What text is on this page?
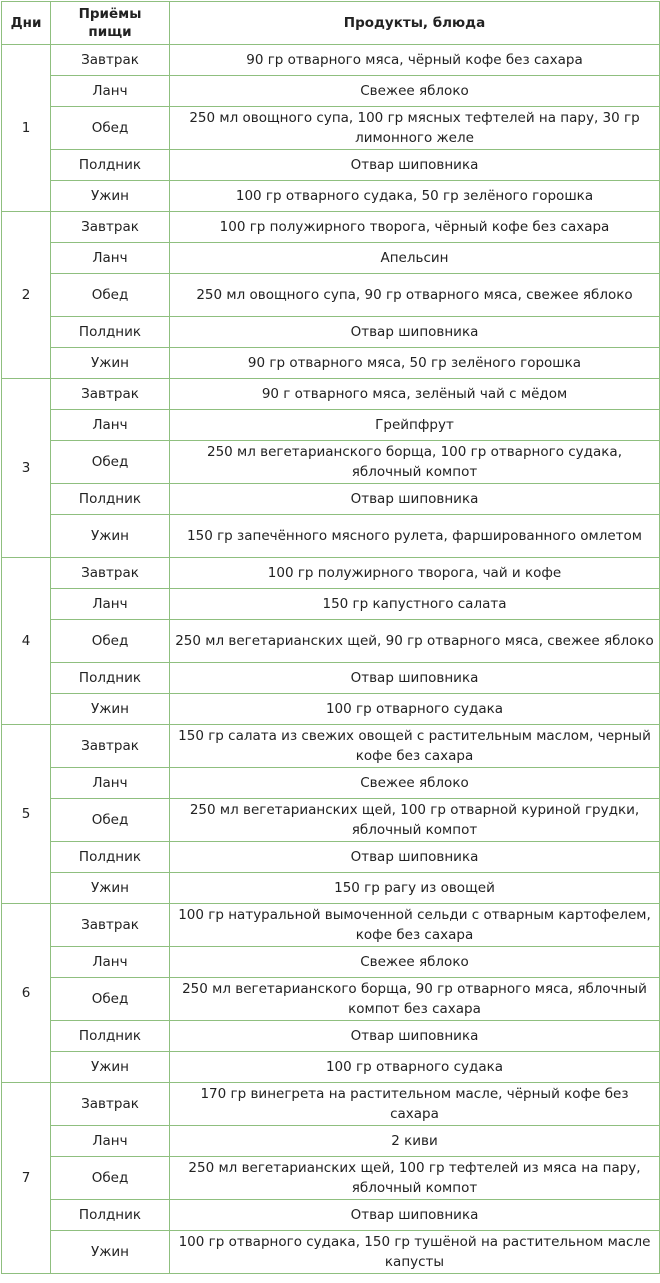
Дни	Приёмы пищи	Продукты, блюда
1	Завтрак	90 гр отварного мяса, чёрный кофе без сахара
	Ланч	Свежее яблоко
	Обед	250 мл овощного супа, 100 гр мясных тефтелей на пару, 30 гр лимонного желе
	Полдник	Отвар шиповника
	Ужин	100 гр отварного судака, 50 гр зелёного горошка
2	Завтрак	100 гр полужирного творога, чёрный кофе без сахара
	Ланч	Апельсин
	Обед	250 мл овощного супа, 90 гр отварного мяса, свежее яблоко
	Полдник	Отвар шиповника
	Ужин	90 гр отварного мяса, 50 гр зелёного горошка
3	Завтрак	90 г отварного мяса, зелёный чай с мёдом
	Ланч	Грейпфрут
	Обед	250 мл вегетарианского борща, 100 гр отварного судака, яблочный компот
	Полдник	Отвар шиповника
	Ужин	150 гр запечённого мясного рулета, фаршированного омлетом
4	Завтрак	100 гр полужирного творога, чай и кофе
	Ланч	150 гр капустного салата
	Обед	250 мл вегетарианских щей, 90 гр отварного мяса, свежее яблоко
	Полдник	Отвар шиповника
	Ужин	100 гр отварного судака
5	Завтрак	150 гр салата из свежих овощей с растительным маслом, черный кофе без сахара
	Ланч	Свежее яблоко
	Обед	250 мл вегетарианских щей, 100 гр отварной куриной грудки, яблочный компот
	Полдник	Отвар шиповника
	Ужин	150 гр рагу из овощей
6	Завтрак	100 гр натуральной вымоченной сельди с отварным картофелем, кофе без сахара
	Ланч	Свежее яблоко
	Обед	250 мл вегетарианского борща, 90 гр отварного мяса, яблочный компот без сахара
	Полдник	Отвар шиповника
	Ужин	100 гр отварного судака
7	Завтрак	170 гр винегрета на растительном масле, чёрный кофе без сахара
	Ланч	2 киви
	Обед	250 мл вегетарианских щей, 100 гр тефтелей из мяса на пару, яблочный компот
	Полдник	Отвар шиповника
	Ужин	100 гр отварного судака, 150 гр тушёной на растительном масле капусты
